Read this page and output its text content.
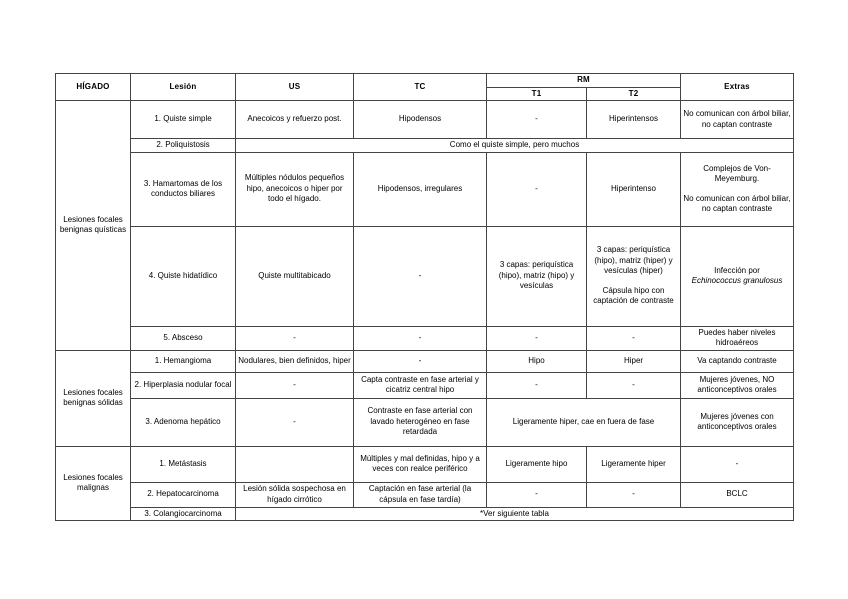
HÍGADO	Lesión	US	TC	RM		Extras
				T1	T2	
Lesiones focales benignas quísticas	1. Quiste simple	Anecoicos y refuerzo post.	Hipodensos	-	Hiperintensos	No comunican con árbol biliar, no captan contraste
	2. Poliquistosis	Como el quiste simple, pero muchos				
	3. Hamartomas de los conductos biliares	Múltiples nódulos pequeños hipo, anecoicos o hiper por todo el hígado.	Hipodensos, irregulares	-	Hiperintenso	Complejos de Von-Meyemburg.
No comunican con árbol biliar, no captan contraste
	4. Quiste hidatídico	Quiste multitabicado	-	3 capas: periquística (hipo), matriz (hipo) y vesículas	3 capas: periquística (hipo), matriz (hiper) y vesículas (hiper)
Cápsula hipo con captación de contraste	Infección por
Echinococcus granulosus
	5. Absceso	-	-	-	-	Puedes haber niveles hidroaéreos
Lesiones focales benignas sólidas	1. Hemangioma	Nodulares, bien definidos, hiper	-	Hipo	Hiper	Va captando contraste
	2. Hiperplasia nodular focal	-	Capta contraste en fase arterial y cicatriz central hipo	-	-	Mujeres jóvenes, NO anticonceptivos orales
	3. Adenoma hepático	-	Contraste en fase arterial con lavado heterogéneo en fase retardada	Ligeramente hiper, cae en fuera de fase		Mujeres jóvenes con anticonceptivos orales
Lesiones focales malignas	1. Metástasis		Múltiples y mal definidas, hipo y a veces con realce periférico	Ligeramente hipo	Ligeramente hiper	-
	2. Hepatocarcinoma	Lesión sólida sospechosa en hígado cirrótico	Captación en fase arterial (la cápsula en fase tardía)	-	-	BCLC
	3. Colangiocarcinoma	*Ver siguiente tabla				
